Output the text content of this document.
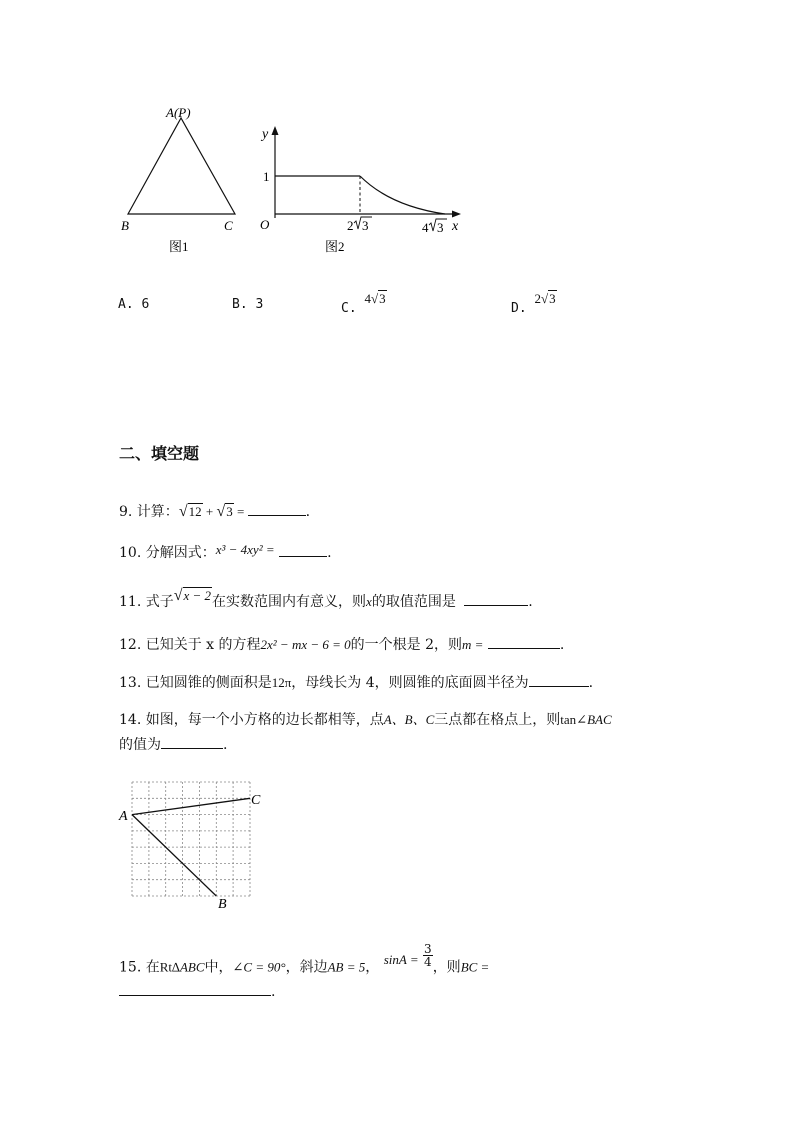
A(P)
B	C
图1
y
x
O
1
2 3	4 3
图2
A. 6	B. 3	C. 4√3
D. 2√3
二、填空题
9. 计算：√12 + √3 =	.
10. 分解因式：x³ − 4xy² =	.
11. 式子√x − 2在实数范围内有意义，则x的取值范围是	.
12. 已知关于 x 的方程2x² − mx − 6 = 0的一个根是 2，则m =	.
13. 已知圆锥的侧面积是12π，母线长为 4，则圆锥的底面圆半径为	.
14. 如图，每一个小方格的边长都相等，点A、B、C三点都在格点上，则tan∠BAC
的值为	.
A
C
B
15. 在Rt∆ABC中，∠C = 90°，斜边AB = 5， $\sin A = \frac{3}{4}$ ，则BC =
.
